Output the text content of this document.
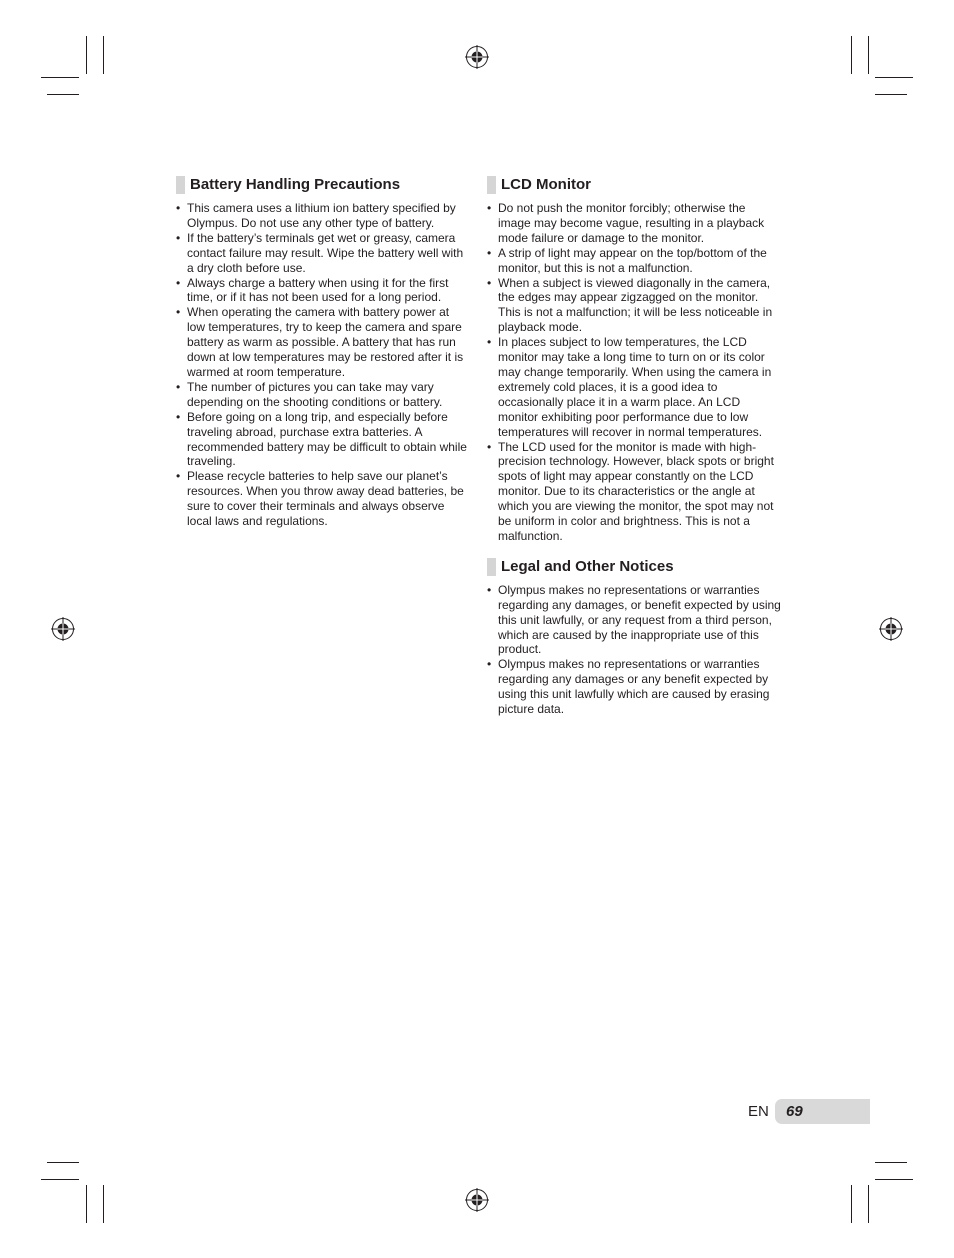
Battery Handling Precautions
• This camera uses a lithium ion battery specified by Olympus. Do not use any other type of battery.
• If the battery’s terminals get wet or greasy, camera contact failure may result. Wipe the battery well with a dry cloth before use.
• Always charge a battery when using it for the first time, or if it has not been used for a long period.
• When operating the camera with battery power at low temperatures, try to keep the camera and spare battery as warm as possible. A battery that has run down at low temperatures may be restored after it is warmed at room temperature.
• The number of pictures you can take may vary depending on the shooting conditions or battery.
• Before going on a long trip, and especially before traveling abroad, purchase extra batteries. A recommended battery may be difficult to obtain while traveling.
• Please recycle batteries to help save our planet’s resources. When you throw away dead batteries, be sure to cover their terminals and always observe local laws and regulations.
LCD Monitor
• Do not push the monitor forcibly; otherwise the image may become vague, resulting in a playback mode failure or damage to the monitor.
• A strip of light may appear on the top/bottom of the monitor, but this is not a malfunction.
• When a subject is viewed diagonally in the camera, the edges may appear zigzagged on the monitor. This is not a malfunction; it will be less noticeable in playback mode.
• In places subject to low temperatures, the LCD monitor may take a long time to turn on or its color may change temporarily. When using the camera in extremely cold places, it is a good idea to occasionally place it in a warm place. An LCD monitor exhibiting poor performance due to low temperatures will recover in normal temperatures.
• The LCD used for the monitor is made with high-precision technology. However, black spots or bright spots of light may appear constantly on the LCD monitor. Due to its characteristics or the angle at which you are viewing the monitor, the spot may not be uniform in color and brightness. This is not a malfunction.
Legal and Other Notices
• Olympus makes no representations or warranties regarding any damages, or benefit expected by using this unit lawfully, or any request from a third person, which are caused by the inappropriate use of this product.
• Olympus makes no representations or warranties regarding any damages or any benefit expected by using this unit lawfully which are caused by erasing picture data.
EN 69
